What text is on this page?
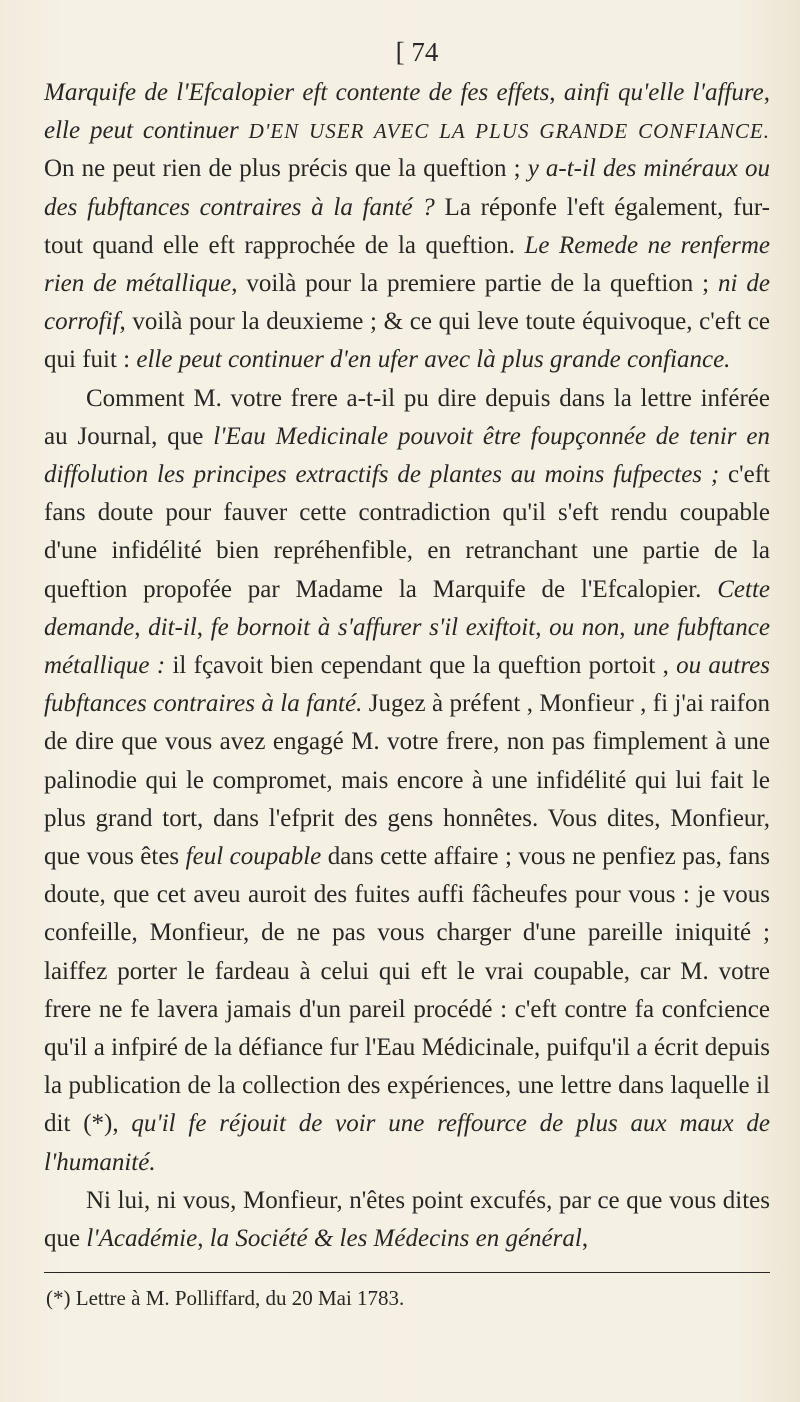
[ 74

Marquife de l'Efcalopier eft contente de fes effets, ainfi qu'elle l'affure, elle peut continuer D'EN USER AVEC LA PLUS GRANDE CONFIANCE. On ne peut rien de plus précis que la queftion ; y a-t-il des minéraux ou des fubftances contraires à la fanté ? La réponfe l'eft également, fur-tout quand elle eft rapprochée de la queftion. Le Remede ne renferme rien de métallique, voilà pour la premiere partie de la queftion ; ni de corrofif, voilà pour la deuxieme ; & ce qui leve toute équivoque, c'eft ce qui fuit : elle peut continuer d'en ufer avec là plus grande confiance.

Comment M. votre frere a-t-il pu dire depuis dans la lettre inférée au Journal, que l'Eau Medicinale pouvoit être foupçonnée de tenir en diffolution les principes extractifs de plantes au moins fufpectes ; c'eft fans doute pour fauver cette contradiction qu'il s'eft rendu coupable d'une infidélité bien repréhenfible, en retranchant une partie de la queftion propofée par Madame la Marquife de l'Efcalopier. Cette demande, dit-il, fe bornoit à s'affurer s'il exiftoit, ou non, une fubftance métallique : il fçavoit bien cependant que la queftion portoit , ou autres fubftances contraires à la fanté. Jugez à préfent , Monfieur , fi j'ai raifon de dire que vous avez engagé M. votre frere, non pas fimplement à une palinodie qui le compromet, mais encore à une infidélité qui lui fait le plus grand tort, dans l'efprit des gens honnêtes. Vous dites, Monfieur, que vous êtes feul coupable dans cette affaire ; vous ne penfiez pas, fans doute, que cet aveu auroit des fuites auffi fâcheufes pour vous : je vous confeille, Monfieur, de ne pas vous charger d'une pareille iniquité ; laiffez porter le fardeau à celui qui eft le vrai coupable, car M. votre frere ne fe lavera jamais d'un pareil procédé : c'eft contre fa confcience qu'il a infpiré de la défiance fur l'Eau Médicinale, puifqu'il a écrit depuis la publication de la collection des expériences, une lettre dans laquelle il dit (*), qu'il fe réjouit de voir une reffource de plus aux maux de l'humanité.

Ni lui, ni vous, Monfieur, n'êtes point excufés, par ce que vous dites que l'Académie, la Société & les Médecins en général,

(*) Lettre à M. Polliffard, du 20 Mai 1783.
